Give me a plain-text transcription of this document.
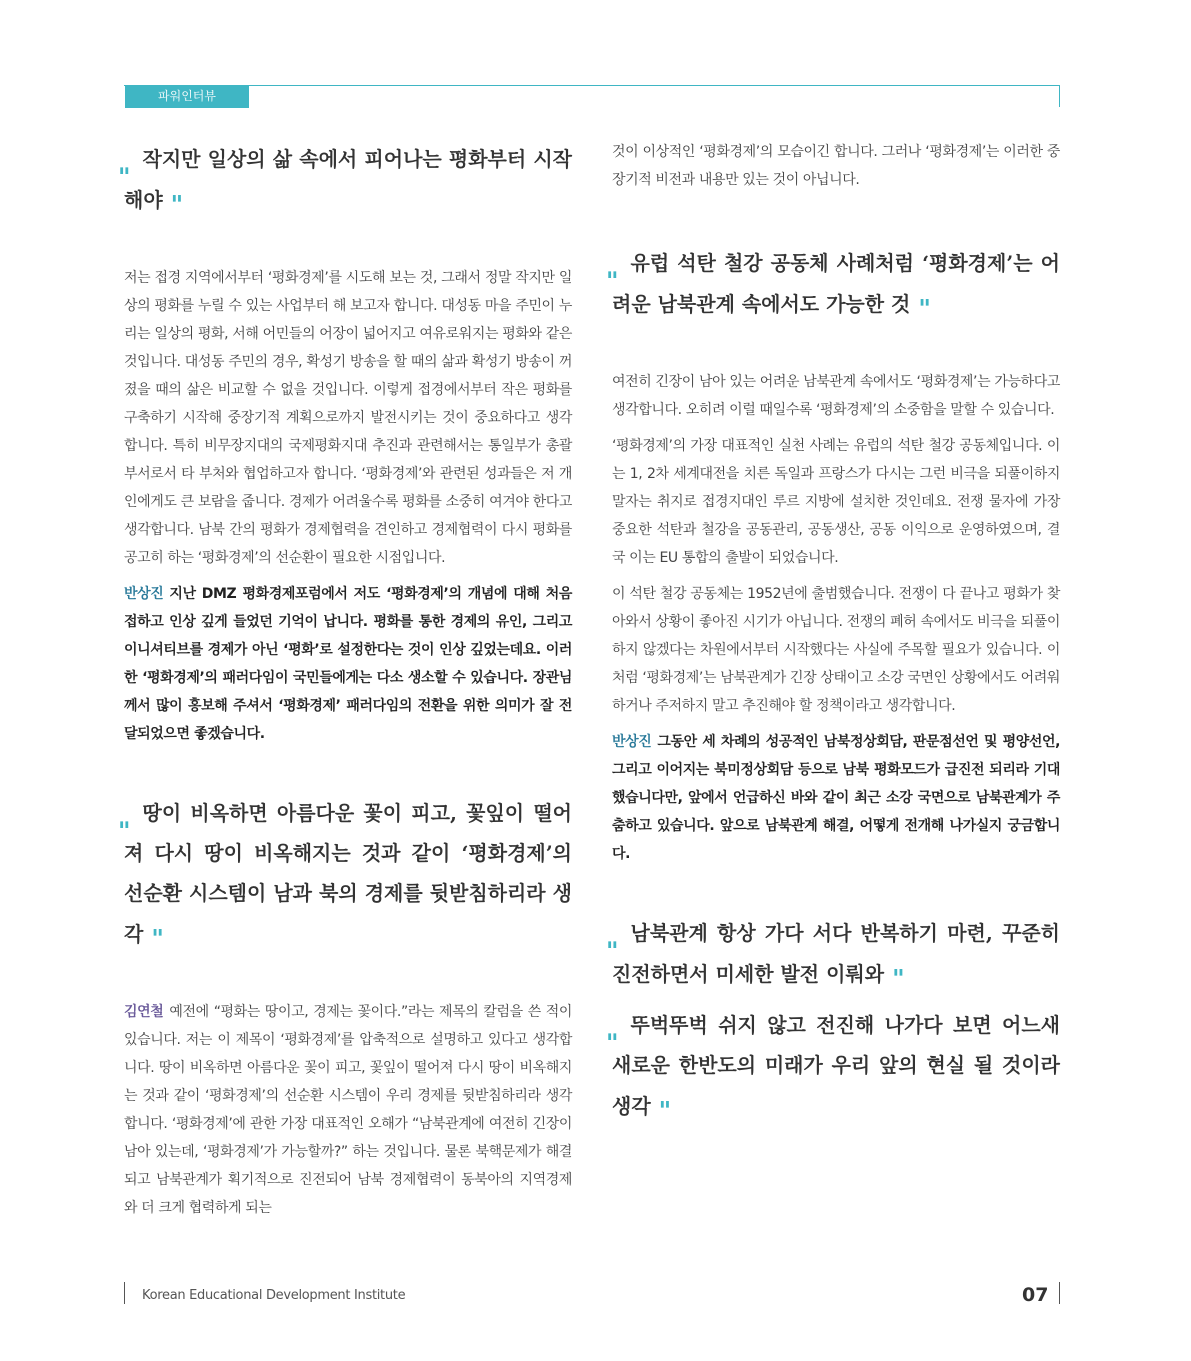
파워인터뷰
" 작지만 일상의 삶 속에서 피어나는 평화부터 시작해야 "

저는 접경 지역에서부터 ‘평화경제’를 시도해 보는 것, 그래서 정말 작지만 일상의 평화를 누릴 수 있는 사업부터 해 보고자 합니다. 대성동 마을 주민이 누리는 일상의 평화, 서해 어민들의 어장이 넓어지고 여유로워지는 평화와 같은 것입니다. 대성동 주민의 경우, 확성기 방송을 할 때의 삶과 확성기 방송이 꺼졌을 때의 삶은 비교할 수 없을 것입니다. 이렇게 접경에서부터 작은 평화를 구축하기 시작해 중장기적 계획으로까지 발전시키는 것이 중요하다고 생각합니다. 특히 비무장지대의 국제평화지대 추진과 관련해서는 통일부가 총괄부서로서 타 부처와 협업하고자 합니다. ‘평화경제’와 관련된 성과들은 저 개인에게도 큰 보람을 줍니다. 경제가 어려울수록 평화를 소중히 여겨야 한다고 생각합니다. 남북 간의 평화가 경제협력을 견인하고 경제협력이 다시 평화를 공고히 하는 ‘평화경제’의 선순환이 필요한 시점입니다.

반상진 지난 DMZ 평화경제포럼에서 저도 ‘평화경제’의 개념에 대해 처음 접하고 인상 깊게 들었던 기억이 납니다. 평화를 통한 경제의 유인, 그리고 이니셔티브를 경제가 아닌 ‘평화’로 설정한다는 것이 인상 깊었는데요. 이러한 ‘평화경제’의 패러다임이 국민들에게는 다소 생소할 수 있습니다. 장관님께서 많이 홍보해 주셔서 ‘평화경제’ 패러다임의 전환을 위한 의미가 잘 전달되었으면 좋겠습니다.

" 땅이 비옥하면 아름다운 꽃이 피고, 꽃잎이 떨어져 다시 땅이 비옥해지는 것과 같이 ‘평화경제’의 선순환 시스템이 남과 북의 경제를 뒷받침하리라 생각 "

김연철 예전에 “평화는 땅이고, 경제는 꽃이다.”라는 제목의 칼럼을 쓴 적이 있습니다. 저는 이 제목이 ‘평화경제’를 압축적으로 설명하고 있다고 생각합니다. 땅이 비옥하면 아름다운 꽃이 피고, 꽃잎이 떨어져 다시 땅이 비옥해지는 것과 같이 ‘평화경제’의 선순환 시스템이 우리 경제를 뒷받침하리라 생각합니다. ‘평화경제’에 관한 가장 대표적인 오해가 “남북관계에 여전히 긴장이 남아 있는데, ‘평화경제’가 가능할까?” 하는 것입니다. 물론 북핵문제가 해결되고 남북관계가 획기적으로 진전되어 남북 경제협력이 동북아의 지역경제와 더 크게 협력하게 되는

것이 이상적인 ‘평화경제’의 모습이긴 합니다. 그러나 ‘평화경제’는 이러한 중장기적 비전과 내용만 있는 것이 아닙니다.

" 유럽 석탄 철강 공동체 사례처럼 ‘평화경제’는 어려운 남북관계 속에서도 가능한 것 "

여전히 긴장이 남아 있는 어려운 남북관계 속에서도 ‘평화경제’는 가능하다고 생각합니다. 오히려 이럴 때일수록 ‘평화경제’의 소중함을 말할 수 있습니다.

‘평화경제’의 가장 대표적인 실천 사례는 유럽의 석탄 철강 공동체입니다. 이는 1, 2차 세계대전을 치른 독일과 프랑스가 다시는 그런 비극을 되풀이하지 말자는 취지로 접경지대인 루르 지방에 설치한 것인데요. 전쟁 물자에 가장 중요한 석탄과 철강을 공동관리, 공동생산, 공동 이익으로 운영하였으며, 결국 이는 EU 통합의 출발이 되었습니다.

이 석탄 철강 공동체는 1952년에 출범했습니다. 전쟁이 다 끝나고 평화가 찾아와서 상황이 좋아진 시기가 아닙니다. 전쟁의 폐허 속에서도 비극을 되풀이하지 않겠다는 차원에서부터 시작했다는 사실에 주목할 필요가 있습니다. 이처럼 ‘평화경제’는 남북관계가 긴장 상태이고 소강 국면인 상황에서도 어려워하거나 주저하지 말고 추진해야 할 정책이라고 생각합니다.

반상진 그동안 세 차례의 성공적인 남북정상회담, 판문점선언 및 평양선언, 그리고 이어지는 북미정상회담 등으로 남북 평화모드가 급진전 되리라 기대했습니다만, 앞에서 언급하신 바와 같이 최근 소강 국면으로 남북관계가 주춤하고 있습니다. 앞으로 남북관계 해결, 어떻게 전개해 나가실지 궁금합니다.

" 남북관계 항상 가다 서다 반복하기 마련, 꾸준히 진전하면서 미세한 발전 이뤄와 "
" 뚜벅뚜벅 쉬지 않고 전진해 나가다 보면 어느새 새로운 한반도의 미래가 우리 앞의 현실 될 것이라 생각 "
Korean Educational Development Institute	07
